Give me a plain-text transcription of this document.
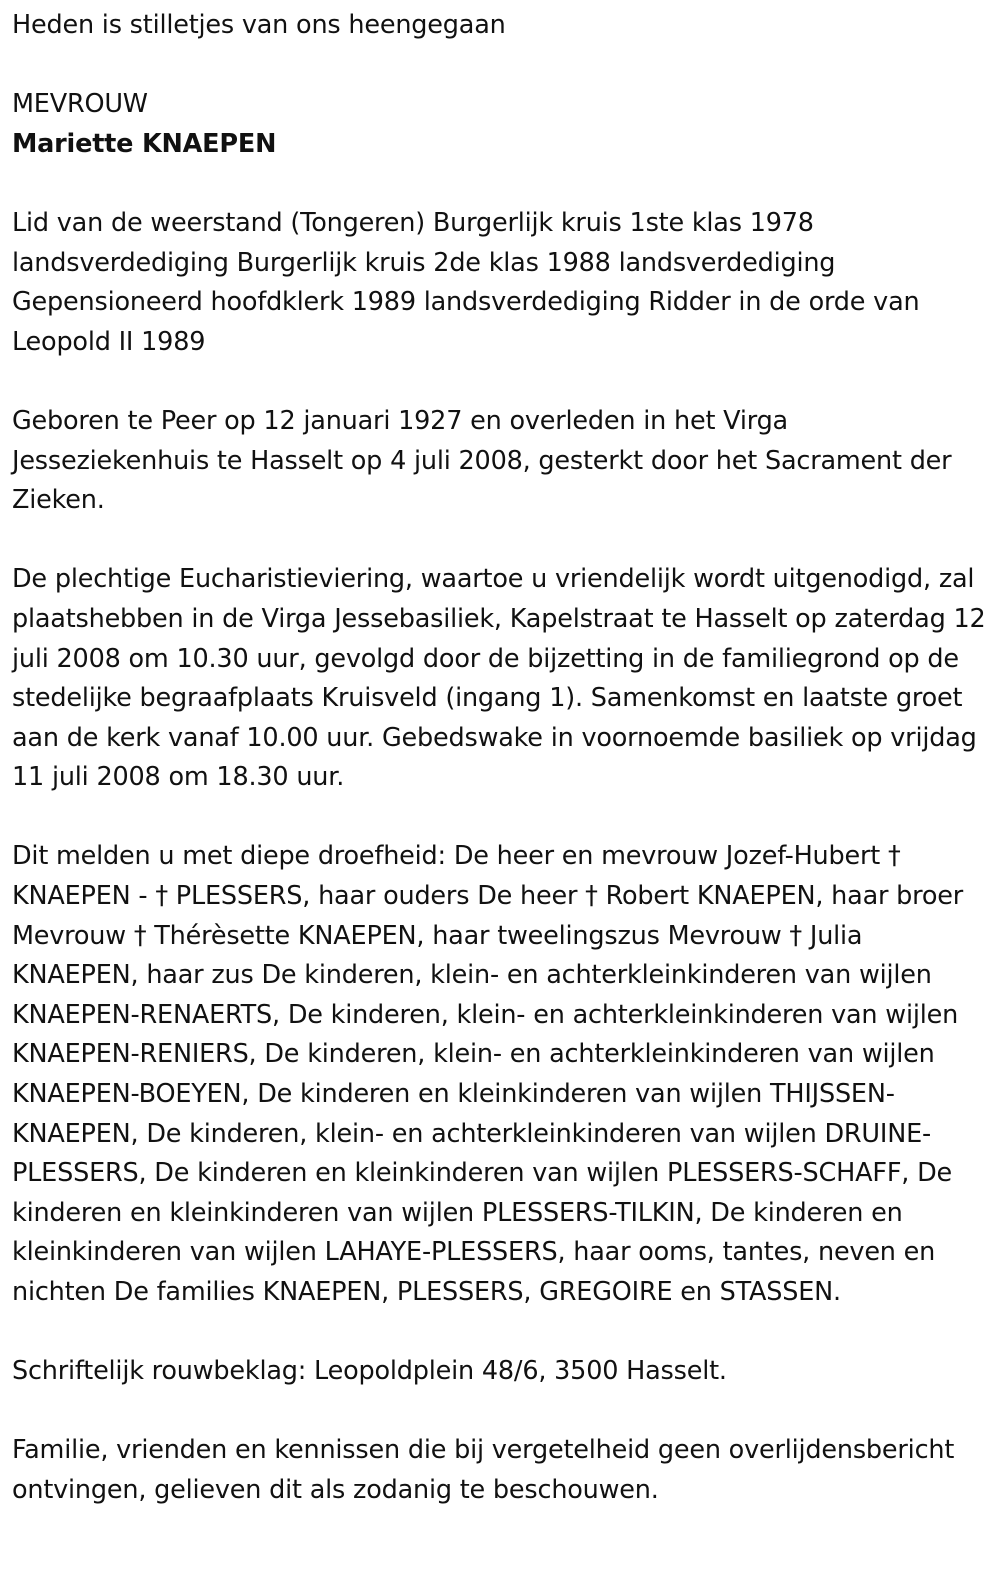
Heden is stilletjes van ons heengegaan

MEVROUW

Mariette KNAEPEN

Lid van de weerstand (Tongeren) Burgerlijk kruis 1ste klas 1978 landsverdediging Burgerlijk kruis 2de klas 1988 landsverdediging Gepensioneerd hoofdklerk 1989 landsverdediging Ridder in de orde van Leopold II 1989

Geboren te Peer op 12 januari 1927 en overleden in het Virga Jesseziekenhuis te Hasselt op 4 juli 2008, gesterkt door het Sacrament der Zieken.

De plechtige Eucharistieviering, waartoe u vriendelijk wordt uitgenodigd, zal plaatshebben in de Virga Jessebasiliek, Kapelstraat te Hasselt op zaterdag 12 juli 2008 om 10.30 uur, gevolgd door de bijzetting in de familiegrond op de stedelijke begraafplaats Kruisveld (ingang 1). Samenkomst en laatste groet aan de kerk vanaf 10.00 uur. Gebedswake in voornoemde basiliek op vrijdag 11 juli 2008 om 18.30 uur.

Dit melden u met diepe droefheid: De heer en mevrouw Jozef-Hubert † KNAEPEN - † PLESSERS, haar ouders De heer † Robert KNAEPEN, haar broer Mevrouw † Thérèsette KNAEPEN, haar tweelingszus Mevrouw † Julia KNAEPEN, haar zus De kinderen, klein- en achterkleinkinderen van wijlen KNAEPEN-RENAERTS, De kinderen, klein- en achterkleinkinderen van wijlen KNAEPEN-RENIERS, De kinderen, klein- en achterkleinkinderen van wijlen KNAEPEN-BOEYEN, De kinderen en kleinkinderen van wijlen THIJSSEN-KNAEPEN, De kinderen, klein- en achterkleinkinderen van wijlen DRUINE-PLESSERS, De kinderen en kleinkinderen van wijlen PLESSERS-SCHAFF, De kinderen en kleinkinderen van wijlen PLESSERS-TILKIN, De kinderen en kleinkinderen van wijlen LAHAYE-PLESSERS, haar ooms, tantes, neven en nichten De families KNAEPEN, PLESSERS, GREGOIRE en STASSEN.

Schriftelijk rouwbeklag: Leopoldplein 48/6, 3500 Hasselt.

Familie, vrienden en kennissen die bij vergetelheid geen overlijdensbericht ontvingen, gelieven dit als zodanig te beschouwen.
